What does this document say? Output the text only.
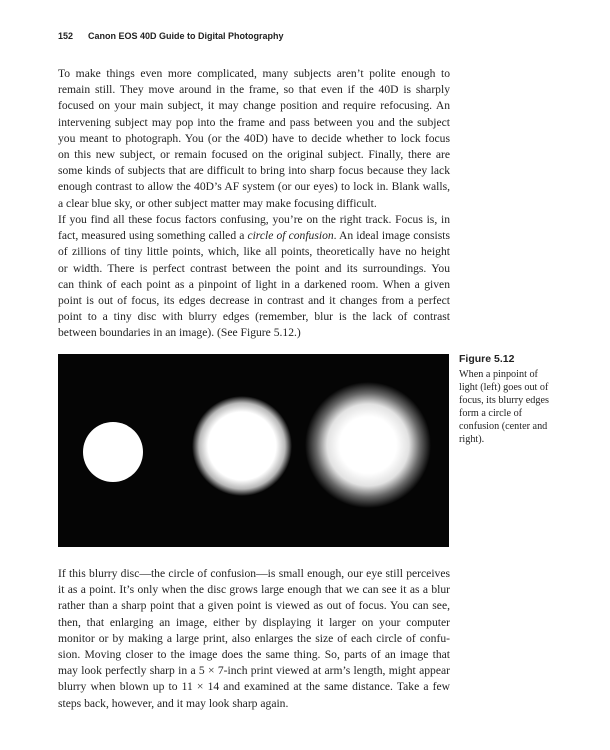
152 Canon EOS 40D Guide to Digital Photography
To make things even more complicated, many subjects aren’t polite enough to
remain still. They move around in the frame, so that even if the 40D is sharply
focused on your main subject, it may change position and require refocusing. An
intervening subject may pop into the frame and pass between you and the subject
you meant to photograph. You (or the 40D) have to decide whether to lock focus
on this new subject, or remain focused on the original subject. Finally, there are
some kinds of subjects that are difficult to bring into sharp focus because they lack
enough contrast to allow the 40D’s AF system (or our eyes) to lock in. Blank walls,
a clear blue sky, or other subject matter may make focusing difficult.
If you find all these focus factors confusing, you’re on the right track. Focus is, in
fact, measured using something called a circle of confusion. An ideal image consists
of zillions of tiny little points, which, like all points, theoretically have no height
or width. There is perfect contrast between the point and its surroundings. You
can think of each point as a pinpoint of light in a darkened room. When a given
point is out of focus, its edges decrease in contrast and it changes from a perfect
point to a tiny disc with blurry edges (remember, blur is the lack of contrast
between boundaries in an image). (See Figure 5.12.)
Figure 5.12
When a pinpoint of
light (left) goes out of
focus, its blurry edges
form a circle of
confusion (center and
right).
If this blurry disc—the circle of confusion—is small enough, our eye still perceives
it as a point. It’s only when the disc grows large enough that we can see it as a blur
rather than a sharp point that a given point is viewed as out of focus. You can see,
then, that enlarging an image, either by displaying it larger on your computer
monitor or by making a large print, also enlarges the size of each circle of confu-
sion. Moving closer to the image does the same thing. So, parts of an image that
may look perfectly sharp in a 5 × 7-inch print viewed at arm’s length, might appear
blurry when blown up to 11 × 14 and examined at the same distance. Take a few
steps back, however, and it may look sharp again.
